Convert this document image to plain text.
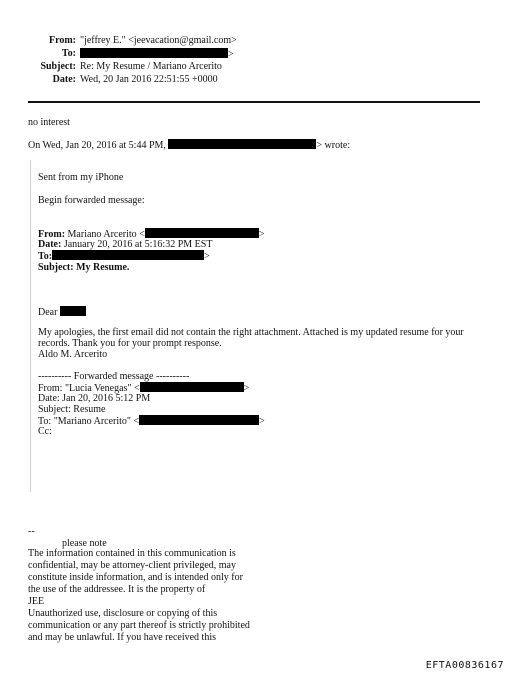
From: "jeffrey E." <jeevacation@gmail.com>
To:	>
Subject: Re: My Resume / Mariano Arcerito
Date: Wed, 20 Jan 2016 22:51:55 +0000
no interest
On Wed, Jan 20, 2016 at 5:44 PM,	> wrote:
Sent from my iPhone
Begin forwarded message:
From: Mariano Arcerito <	>
Date: January 20, 2016 at 5:16:32 PM EST
To:	>
Subject: My Resume.
Dear
My apologies, the first email did not contain the right attachment. Attached is my updated resume for your
records. Thank you for your prompt response.
Aldo M. Arcerito
---------- Forwarded message ----------
From: "Lucia Venegas" <	>
Date: Jan 20, 2016 5:12 PM
Subject: Resume
To: "Mariano Arcerito" <	>
Cc:
--
please note
The information contained in this communication is
confidential, may be attorney-client privileged, may
constitute inside information, and is intended only for
the use of the addressee. It is the property of
JEE
Unauthorized use, disclosure or copying of this
communication or any part thereof is strictly prohibited
and may be unlawful. If you have received this
EFTA00836167
